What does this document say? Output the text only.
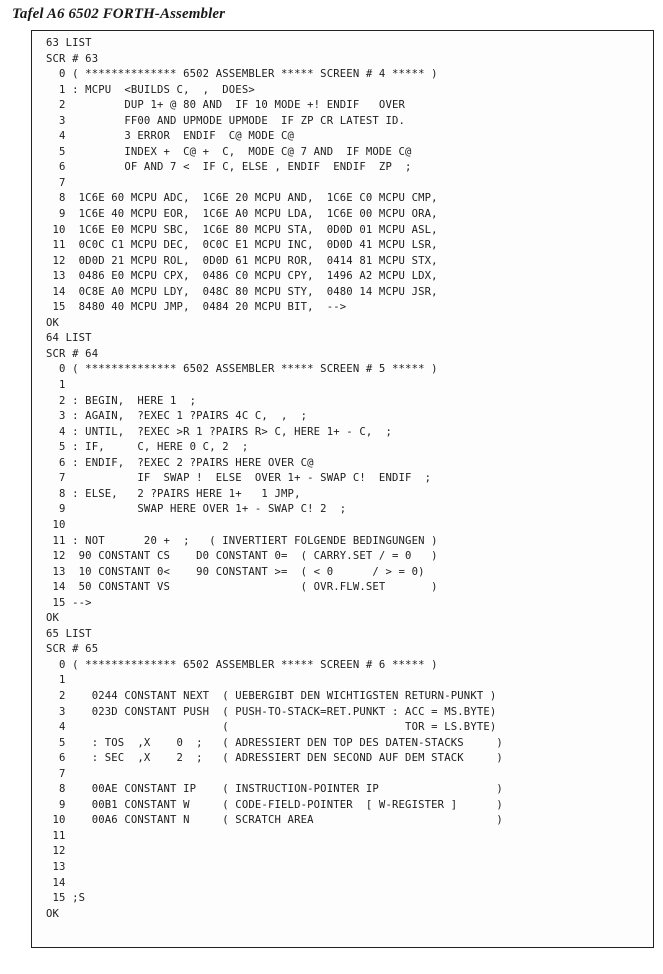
Tafel A6 6502 FORTH-Assembler
63 LIST
SCR # 63
0 ( ************** 6502 ASSEMBLER ***** SCREEN # 4 ***** )
1 : MCPU  <BUILDS C,  ,  DOES>
2         DUP 1+ @ 80 AND  IF 10 MODE +! ENDIF   OVER
3         FF00 AND UPMODE UPMODE  IF ZP CR LATEST ID.
4         3 ERROR  ENDIF  C@ MODE C@
5         INDEX +  C@ +  C,  MODE C@ 7 AND  IF MODE C@
6         OF AND 7 <  IF C, ELSE , ENDIF  ENDIF  ZP  ;
7
8  1C6E 60 MCPU ADC,  1C6E 20 MCPU AND,  1C6E C0 MCPU CMP,
9  1C6E 40 MCPU EOR,  1C6E A0 MCPU LDA,  1C6E 00 MCPU ORA,
10  1C6E E0 MCPU SBC,  1C6E 80 MCPU STA,  0D0D 01 MCPU ASL,
11  0C0C C1 MCPU DEC,  0C0C E1 MCPU INC,  0D0D 41 MCPU LSR,
12  0D0D 21 MCPU ROL,  0D0D 61 MCPU ROR,  0414 81 MCPU STX,
13  0486 E0 MCPU CPX,  0486 C0 MCPU CPY,  1496 A2 MCPU LDX,
14  0C8E A0 MCPU LDY,  048C 80 MCPU STY,  0480 14 MCPU JSR,
15  8480 40 MCPU JMP,  0484 20 MCPU BIT,  -->
OK
64 LIST
SCR # 64
0 ( ************** 6502 ASSEMBLER ***** SCREEN # 5 ***** )
1
2 : BEGIN,  HERE 1  ;
3 : AGAIN,  ?EXEC 1 ?PAIRS 4C C,  ,  ;
4 : UNTIL,  ?EXEC >R 1 ?PAIRS R> C, HERE 1+ - C,  ;
5 : IF,     C, HERE 0 C, 2  ;
6 : ENDIF,  ?EXEC 2 ?PAIRS HERE OVER C@
7           IF  SWAP !  ELSE  OVER 1+ - SWAP C!  ENDIF  ;
8 : ELSE,   2 ?PAIRS HERE 1+   1 JMP,
9           SWAP HERE OVER 1+ - SWAP C! 2  ;
10
11 : NOT      20 +  ;   ( INVERTIERT FOLGENDE BEDINGUNGEN )
12  90 CONSTANT CS    D0 CONSTANT 0=  ( CARRY.SET / = 0   )
13  10 CONSTANT 0<    90 CONSTANT >=  ( < 0      / > = 0)
14  50 CONSTANT VS                    ( OVR.FLW.SET       )
15 -->
OK
65 LIST
SCR # 65
0 ( ************** 6502 ASSEMBLER ***** SCREEN # 6 ***** )
1
2    0244 CONSTANT NEXT  ( UEBERGIBT DEN WICHTIGSTEN RETURN-PUNKT )
3    023D CONSTANT PUSH  ( PUSH-TO-STACK=RET.PUNKT : ACC = MS.BYTE)
4                        (                           TOR = LS.BYTE)
5    : TOS  ,X    0  ;   ( ADRESSIERT DEN TOP DES DATEN-STACKS     )
6    : SEC  ,X    2  ;   ( ADRESSIERT DEN SECOND AUF DEM STACK     )
7
8    00AE CONSTANT IP    ( INSTRUCTION-POINTER IP                  )
9    00B1 CONSTANT W     ( CODE-FIELD-POINTER  [ W-REGISTER ]      )
10    00A6 CONSTANT N     ( SCRATCH AREA                            )
11
12
13
14
15 ;S
OK
